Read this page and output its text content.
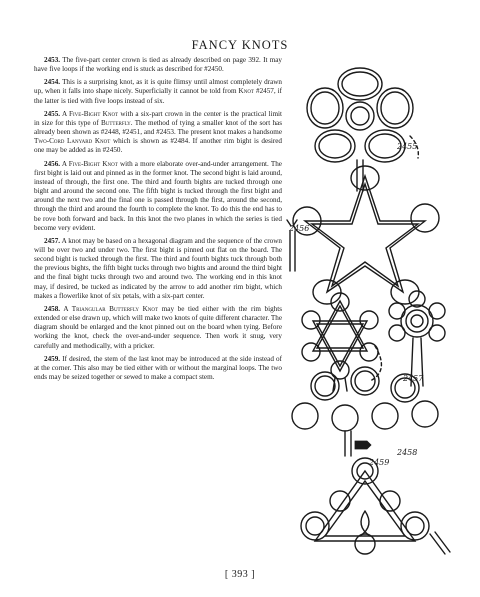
FANCY KNOTS

2453. The five-part center crown is tied as already described on page 392. It may have five loops if the working end is stuck as described for #2450.

2454. This is a surprising knot, as it is quite flimsy until almost completely drawn up, when it falls into shape nicely. Superficially it cannot be told from Knot #2457, if the latter is tied with five loops instead of six.

2455. A Five-Bight Knot with a six-part crown in the center is the practical limit in size for this type of Butterfly. The method of tying a smaller knot of the sort has already been shown as #2448, #2451, and #2453. The present knot makes a handsome Two-Cord Lanyard Knot which is shown as #2484. If another rim bight is desired one may be added as in #2450.

2456. A Five-Bight Knot with a more elaborate over-and-under arrangement. The first bight is laid out and pinned as in the former knot. The second bight is laid around, instead of through, the first one. The third and fourth bights are tucked through one bight and around the second one. The fifth bight is tucked through the first bight and around the next two and the final one is passed through the first, around the second, through the third and around the fourth to complete the knot. To do this the end has to be rove both forward and back. In this knot the two planes in which the series is tied become very evident.

2457. A knot may be based on a hexagonal diagram and the sequence of the crown will be over two and under two. The first bight is pinned out flat on the board. The second bight is tucked through the first. The third and fourth bights tuck through both the previous bights, the fifth bight tucks through two bights and around the third bight and the final bight tucks through two and around two. The working end in this knot may, if desired, be tucked as indicated by the arrow to add another rim bight, which makes a flowerlike knot of six petals, with a six-part center.

2458. A Triangular Butterfly Knot may be tied either with the rim bights extended or else drawn up, which will make two knots of quite different character. The diagram should be enlarged and the knot pinned out on the board when tying. Before working the knot, check the over-and-under sequence. Then work it snug, very carefully and methodically, with a pricker.

2459. If desired, the stem of the last knot may be introduced at the side instead of at the corner. This also may be tied either with or without the marginal loops. The two ends may be seized together or sewed to make a compact stem.

2455
2456
2457
2458
2459
[ 393 ]
